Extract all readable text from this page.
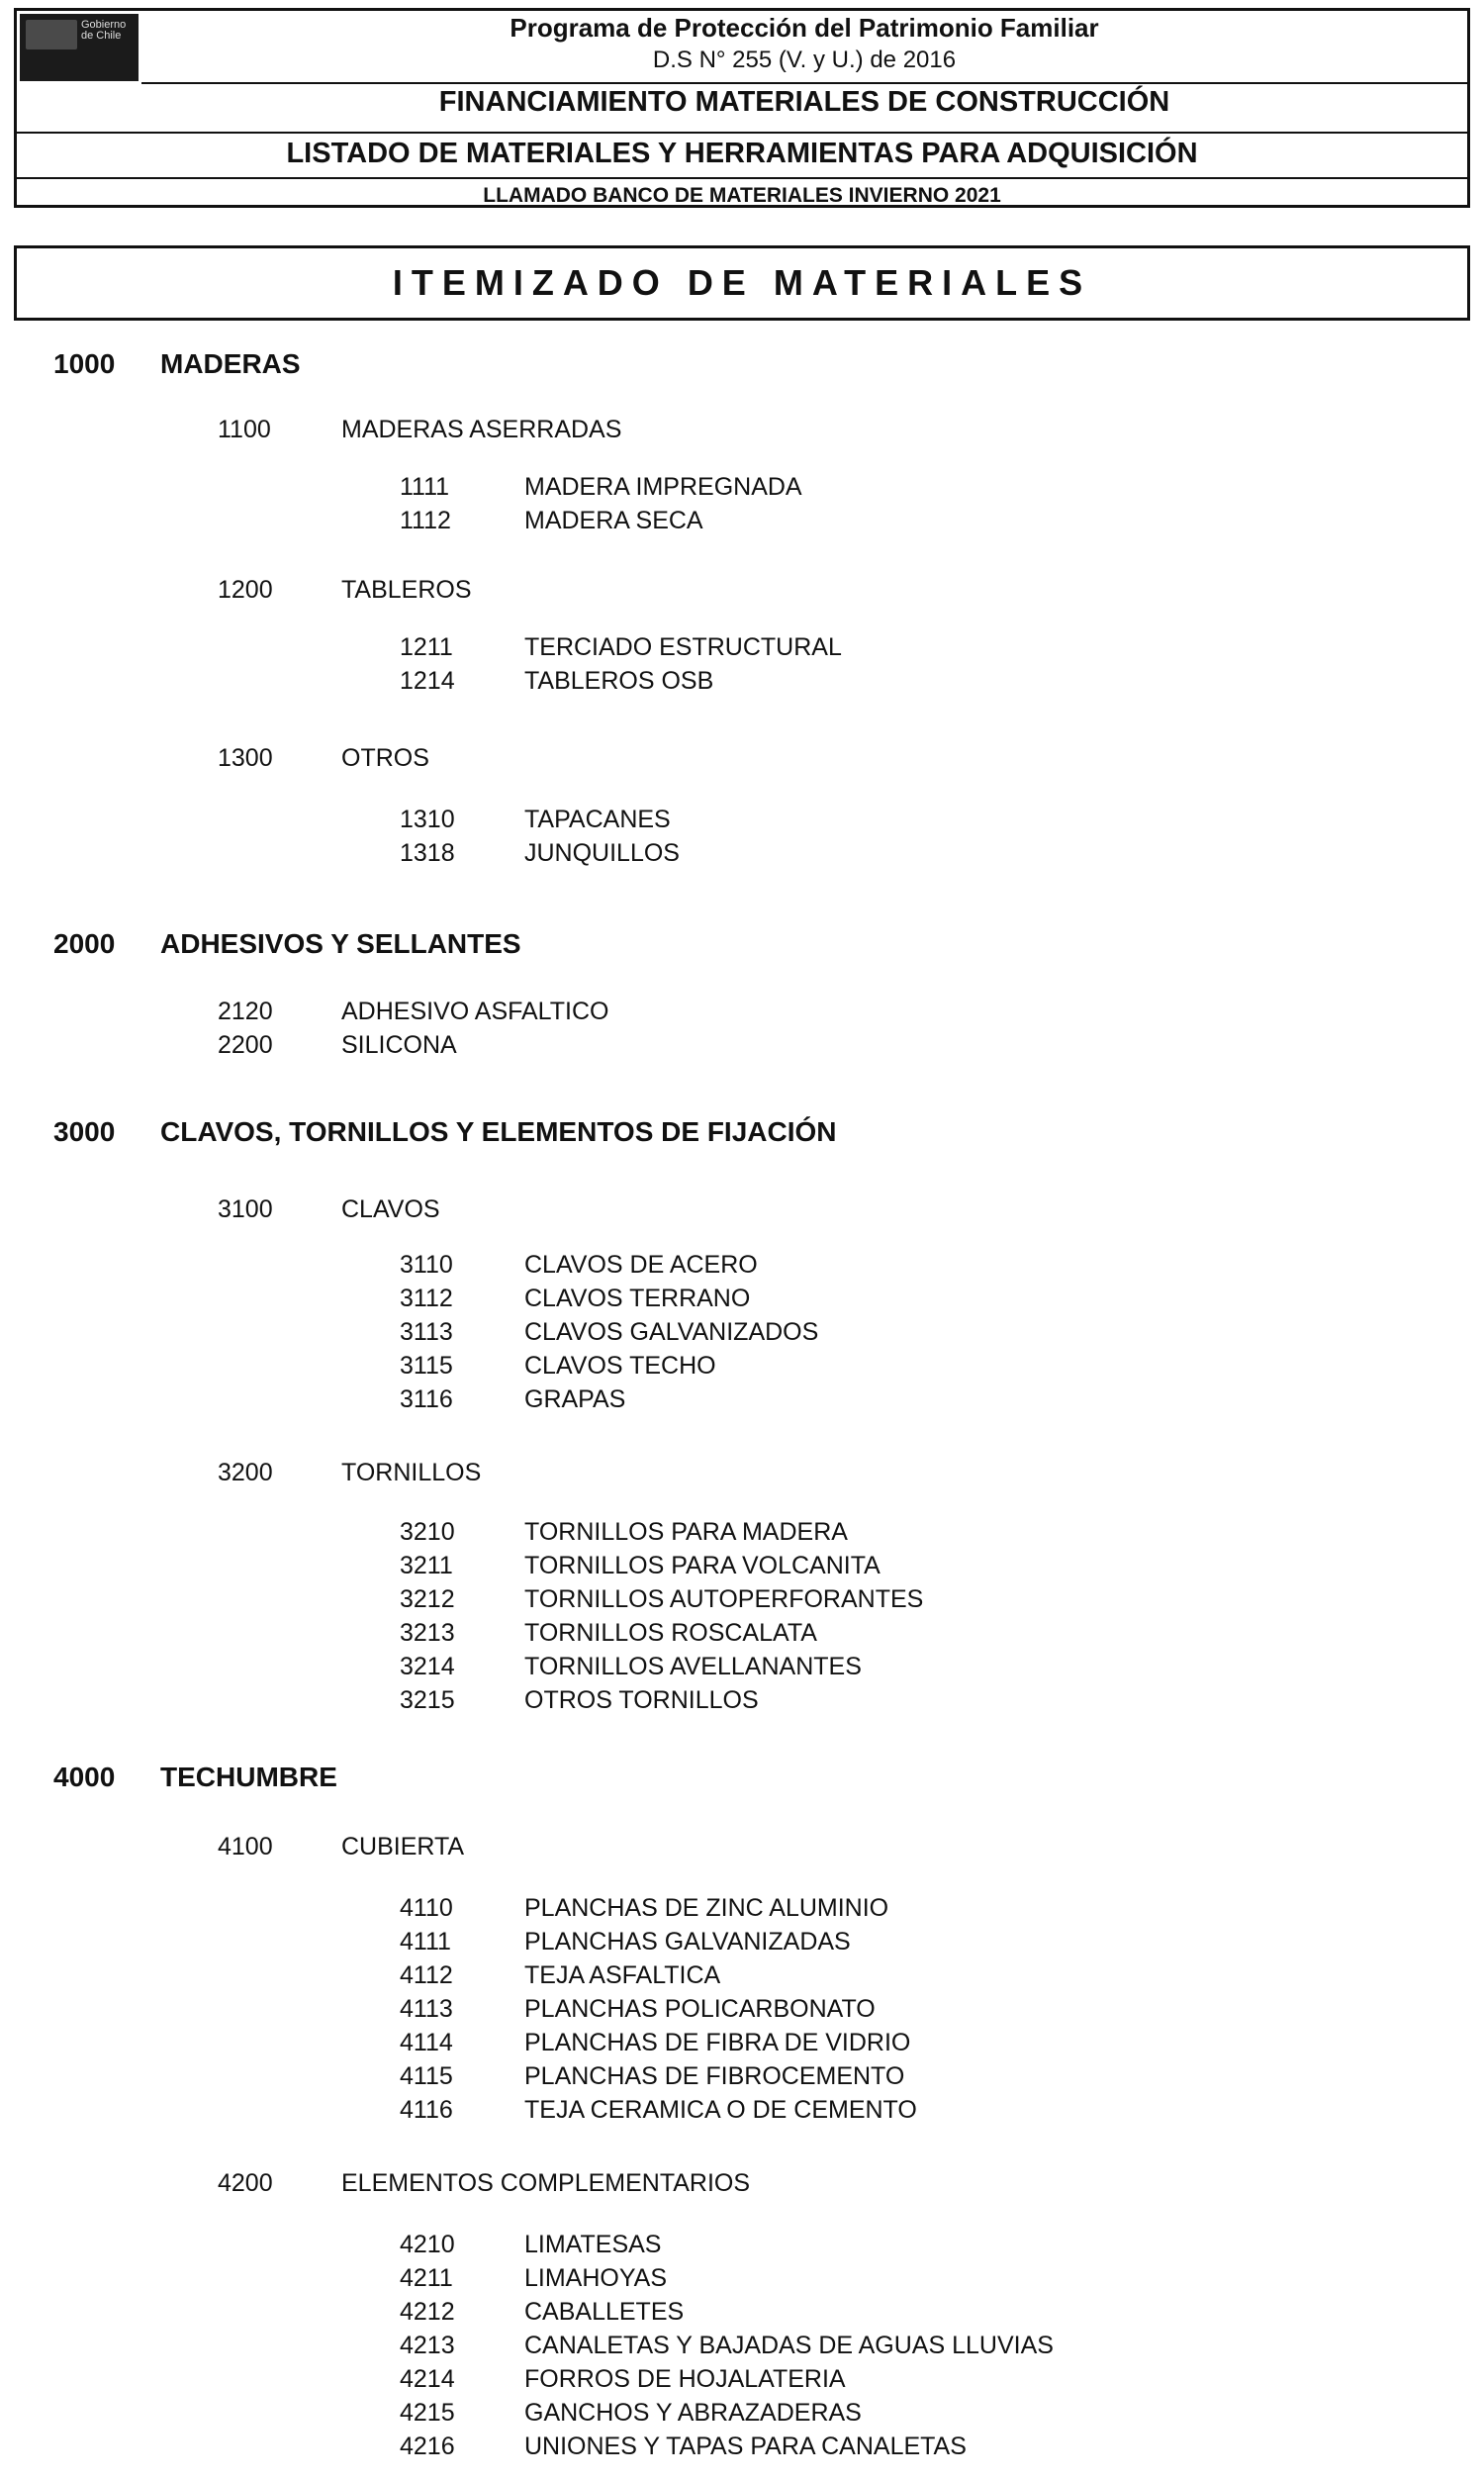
Gobierno
de Chile	Programa de Protección del Patrimonio Familiar
D.S N° 255 (V. y U.) de 2016
FINANCIAMIENTO MATERIALES DE CONSTRUCCIÓN
LISTADO DE MATERIALES Y HERRAMIENTAS PARA ADQUISICIÓN
LLAMADO BANCO DE MATERIALES INVIERNO 2021
ITEMIZADO DE MATERIALES
1000 MADERAS
1100	MADERAS ASERRADAS
1111	MADERA IMPREGNADA
1112	MADERA SECA
1200	TABLEROS
1211	TERCIADO ESTRUCTURAL
1214	TABLEROS OSB
1300	OTROS
1310	TAPACANES
1318	JUNQUILLOS
2000 ADHESIVOS Y SELLANTES
2120	ADHESIVO ASFALTICO
2200	SILICONA
3000 CLAVOS, TORNILLOS Y ELEMENTOS DE FIJACIÓN
3100	CLAVOS
3110	CLAVOS DE ACERO
3112	CLAVOS TERRANO
3113	CLAVOS GALVANIZADOS
3115	CLAVOS TECHO
3116	GRAPAS
3200	TORNILLOS
3210	TORNILLOS PARA MADERA
3211	TORNILLOS PARA VOLCANITA
3212	TORNILLOS AUTOPERFORANTES
3213	TORNILLOS ROSCALATA
3214	TORNILLOS AVELLANANTES
3215	OTROS TORNILLOS
4000 TECHUMBRE
4100	CUBIERTA
4110	PLANCHAS DE ZINC ALUMINIO
4111	PLANCHAS GALVANIZADAS
4112	TEJA ASFALTICA
4113	PLANCHAS POLICARBONATO
4114	PLANCHAS DE FIBRA DE VIDRIO
4115	PLANCHAS DE FIBROCEMENTO
4116	TEJA CERAMICA O DE CEMENTO
4200	ELEMENTOS COMPLEMENTARIOS
4210	LIMATESAS
4211	LIMAHOYAS
4212	CABALLETES
4213	CANALETAS Y BAJADAS DE AGUAS LLUVIAS
4214	FORROS DE HOJALATERIA
4215	GANCHOS Y ABRAZADERAS
4216	UNIONES Y TAPAS PARA CANALETAS
